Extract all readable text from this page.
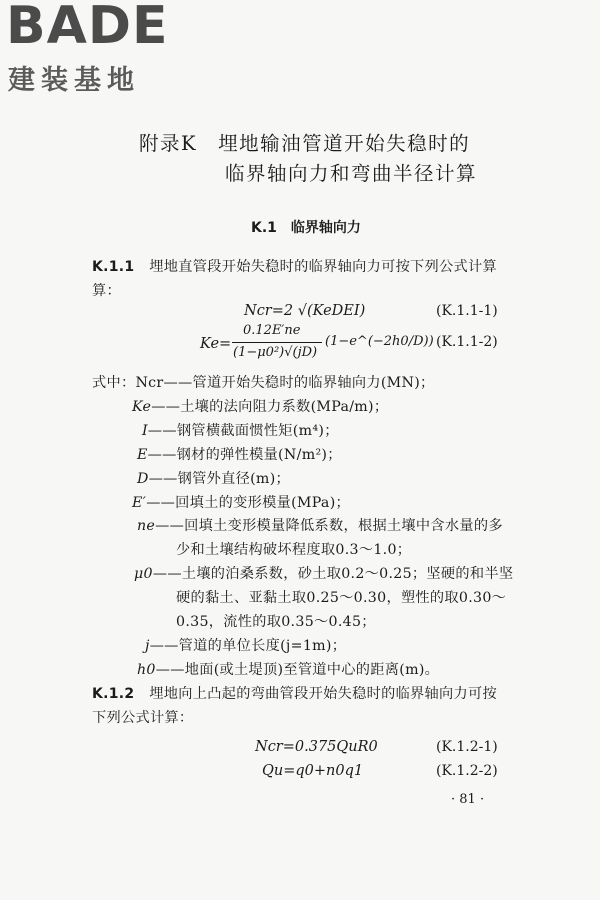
BADE
建装基地
附录K　埋地输油管道开始失稳时的
临界轴向力和弯曲半径计算
K.1　临界轴向力
K.1.1 埋地直管段开始失稳时的临界轴向力可按下列公式计算
算：
Ncr=2 √(KeDEI)	(K.1.1-1)
Ke=
0.12E′ne
(1−μ0²)√(jD)
(1−e^(−2h0/D)) (K.1.1-2)
式中：Ncr——管道开始失稳时的临界轴向力(MN)；
Ke——土壤的法向阻力系数(MPa/m)；
I——钢管横截面惯性矩(m⁴)；
E——钢材的弹性模量(N/m²)；
D——钢管外直径(m)；
E′——回填土的变形模量(MPa)；
ne——回填土变形模量降低系数，根据土壤中含水量的多
少和土壤结构破坏程度取0.3～1.0；
μ0——土壤的泊桑系数，砂土取0.2～0.25；坚硬的和半坚
硬的黏土、亚黏土取0.25～0.30，塑性的取0.30～
0.35，流性的取0.35～0.45；
j——管道的单位长度(j=1m)；
h0——地面(或土堤顶)至管道中心的距离(m)。
K.1.2 埋地向上凸起的弯曲管段开始失稳时的临界轴向力可按
下列公式计算：
Ncr=0.375QuR0	(K.1.2-1)
Qu=q0+n0q1	(K.1.2-2)
· 81 ·
